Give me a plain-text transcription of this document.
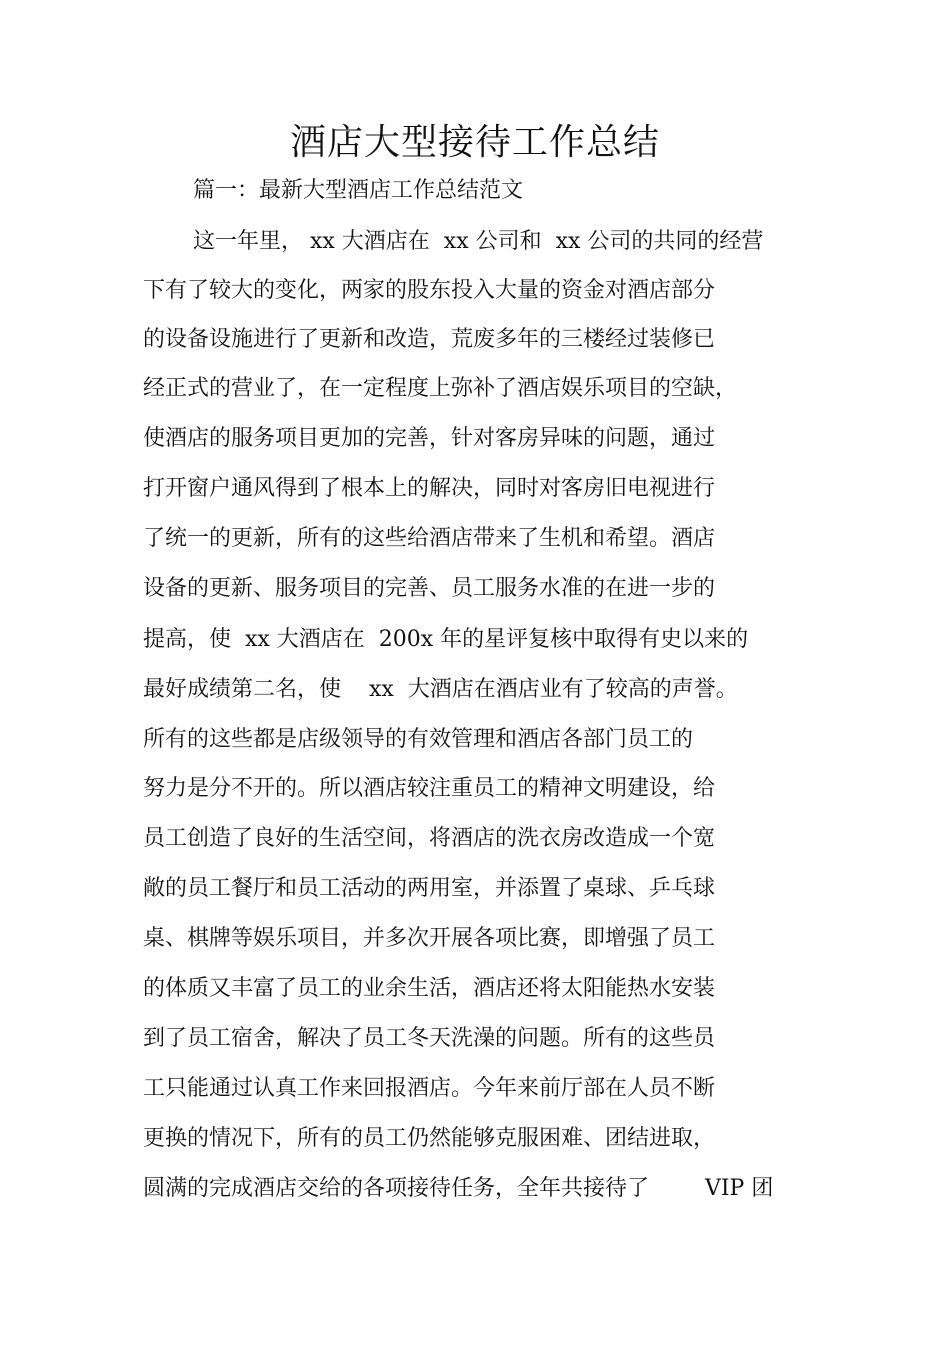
酒店大型接待工作总结

篇一：最新大型酒店工作总结范文

这一年里， xx 大酒店在  xx 公司和  xx 公司的共同的经营

下有了较大的变化，两家的股东投入大量的资金对酒店部分

的设备设施进行了更新和改造，荒废多年的三楼经过装修已

经正式的营业了，在一定程度上弥补了酒店娱乐项目的空缺，

使酒店的服务项目更加的完善，针对客房异味的问题，通过

打开窗户通风得到了根本上的解决，同时对客房旧电视进行

了统一的更新，所有的这些给酒店带来了生机和希望。酒店

设备的更新、服务项目的完善、员工服务水准的在进一步的

提高，使  xx 大酒店在  200x 年的星评复核中取得有史以来的

最好成绩第二名，使    xx  大酒店在酒店业有了较高的声誉。

所有的这些都是店级领导的有效管理和酒店各部门员工的

努力是分不开的。所以酒店较注重员工的精神文明建设，给

员工创造了良好的生活空间，将酒店的洗衣房改造成一个宽

敞的员工餐厅和员工活动的两用室，并添置了桌球、乒乓球

桌、棋牌等娱乐项目，并多次开展各项比赛，即增强了员工

的体质又丰富了员工的业余生活，酒店还将太阳能热水安装

到了员工宿舍，解决了员工冬天洗澡的问题。所有的这些员

工只能通过认真工作来回报酒店。今年来前厅部在人员不断

更换的情况下，所有的员工仍然能够克服困难、团结进取，

圆满的完成酒店交给的各项接待任务，全年共接待了        VIP 团
